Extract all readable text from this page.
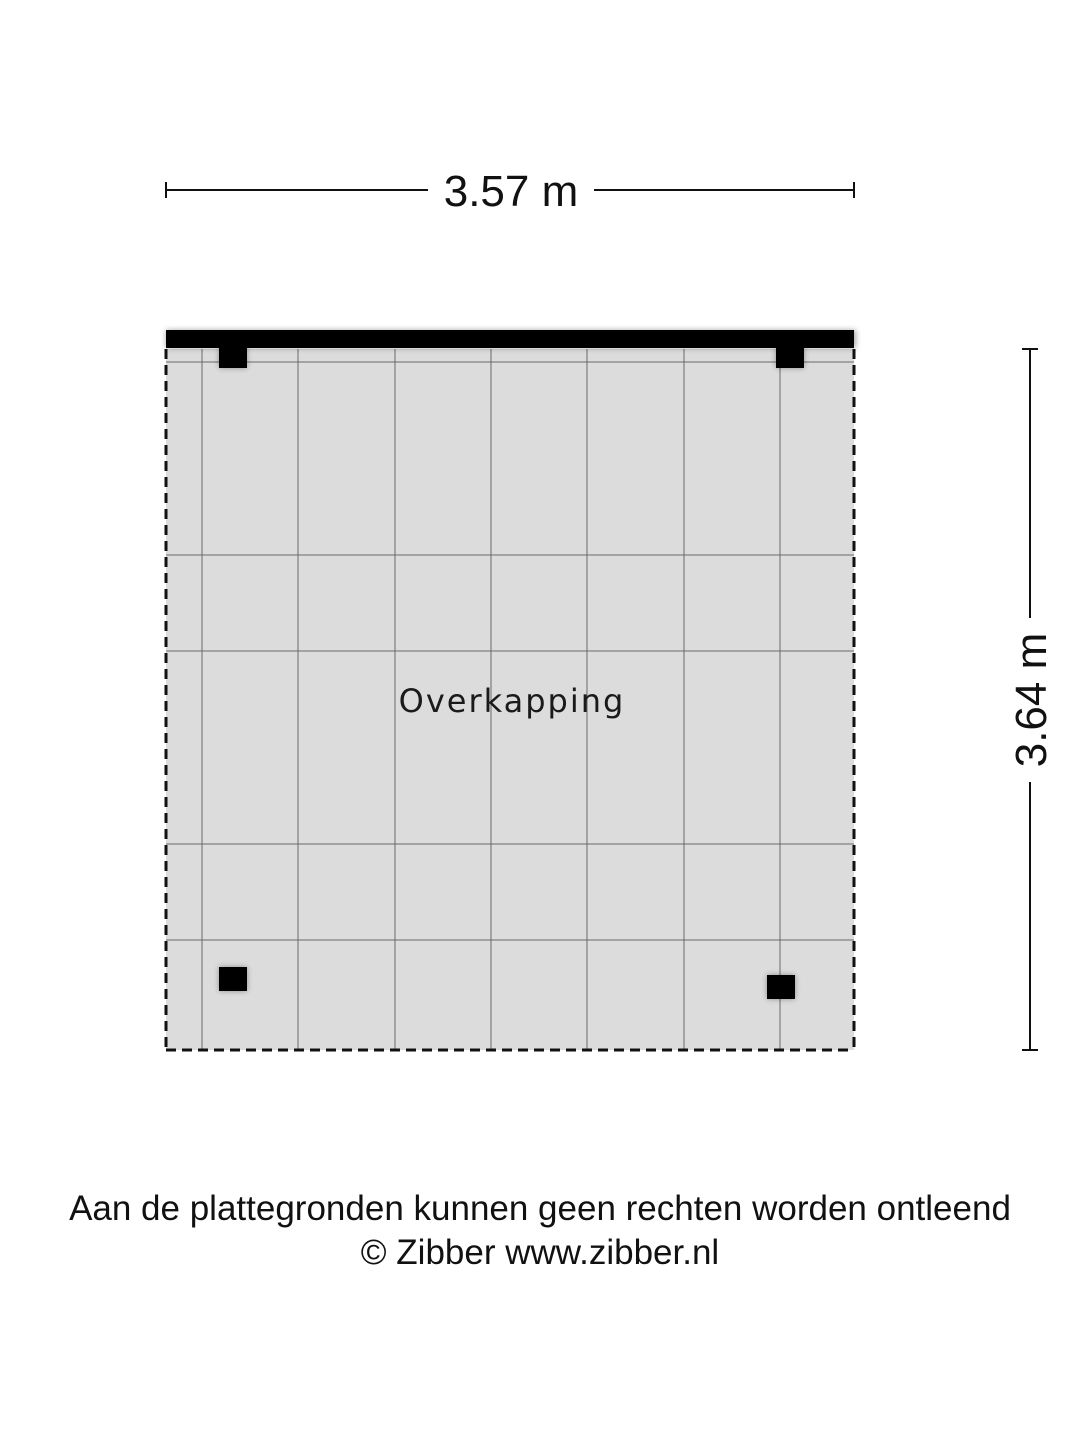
3.57 m
3.64 m
Overkapping
Aan de plattegronden kunnen geen rechten worden ontleend
© Zibber www.zibber.nl
